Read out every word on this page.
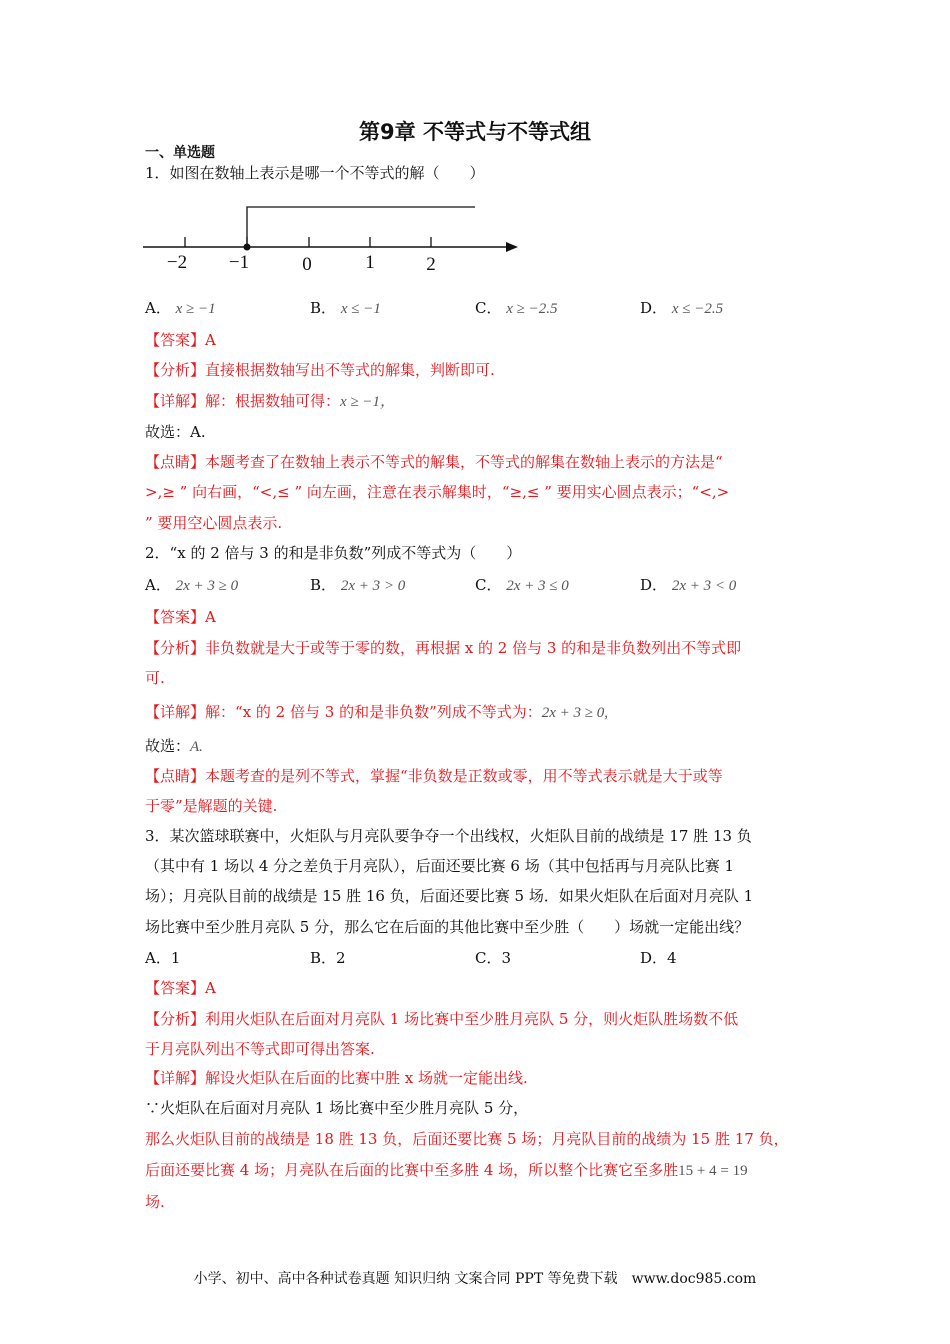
第9章 不等式与不等式组
一、单选题
1．如图在数轴上表示是哪一个不等式的解（　　）
−2 −1	0	1	2
A． x ≥ −1	B． x ≤ −1	C． x ≥ −2.5	D． x ≤ −2.5
【答案】A
【分析】直接根据数轴写出不等式的解集，判断即可.
【详解】解：根据数轴可得：x ≥ −1，
故选：A.
【点睛】本题考查了在数轴上表示不等式的解集，不等式的解集在数轴上表示的方法是“
>,≥ ” 向右画，“<,≤ ” 向左画，注意在表示解集时，“≥,≤ ” 要用实心圆点表示；“<,>
” 要用空心圆点表示.
2．“x 的 2 倍与 3 的和是非负数”列成不等式为（　　）
A． 2x + 3 ≥ 0	B． 2x + 3 > 0	C． 2x + 3 ≤ 0	D． 2x + 3 < 0
【答案】A
【分析】非负数就是大于或等于零的数，再根据 x 的 2 倍与 3 的和是非负数列出不等式即
可.
【详解】解：“x 的 2 倍与 3 的和是非负数”列成不等式为：2x + 3 ≥ 0,
故选：A.
【点睛】本题考查的是列不等式，掌握“非负数是正数或零，用不等式表示就是大于或等
于零”是解题的关键.
3．某次篮球联赛中，火炬队与月亮队要争夺一个出线权，火炬队目前的战绩是 17 胜 13 负
（其中有 1 场以 4 分之差负于月亮队），后面还要比赛 6 场（其中包括再与月亮队比赛 1
场）；月亮队目前的战绩是 15 胜 16 负，后面还要比赛 5 场．如果火炬队在后面对月亮队 1
场比赛中至少胜月亮队 5 分，那么它在后面的其他比赛中至少胜（　　）场就一定能出线？
A．1	B．2	C．3	D．4
【答案】A
【分析】利用火炬队在后面对月亮队 1 场比赛中至少胜月亮队 5 分，则火炬队胜场数不低
于月亮队列出不等式即可得出答案.
【详解】解设火炬队在后面的比赛中胜 x 场就一定能出线.
∵火炬队在后面对月亮队 1 场比赛中至少胜月亮队 5 分，
那么火炬队目前的战绩是 18 胜 13 负，后面还要比赛 5 场；月亮队目前的战绩为 15 胜 17 负，
后面还要比赛 4 场；月亮队在后面的比赛中至多胜 4 场，所以整个比赛它至多胜15 + 4 = 19
场.
小学、初中、高中各种试卷真题 知识归纳 文案合同 PPT 等免费下载　www.doc985.com
